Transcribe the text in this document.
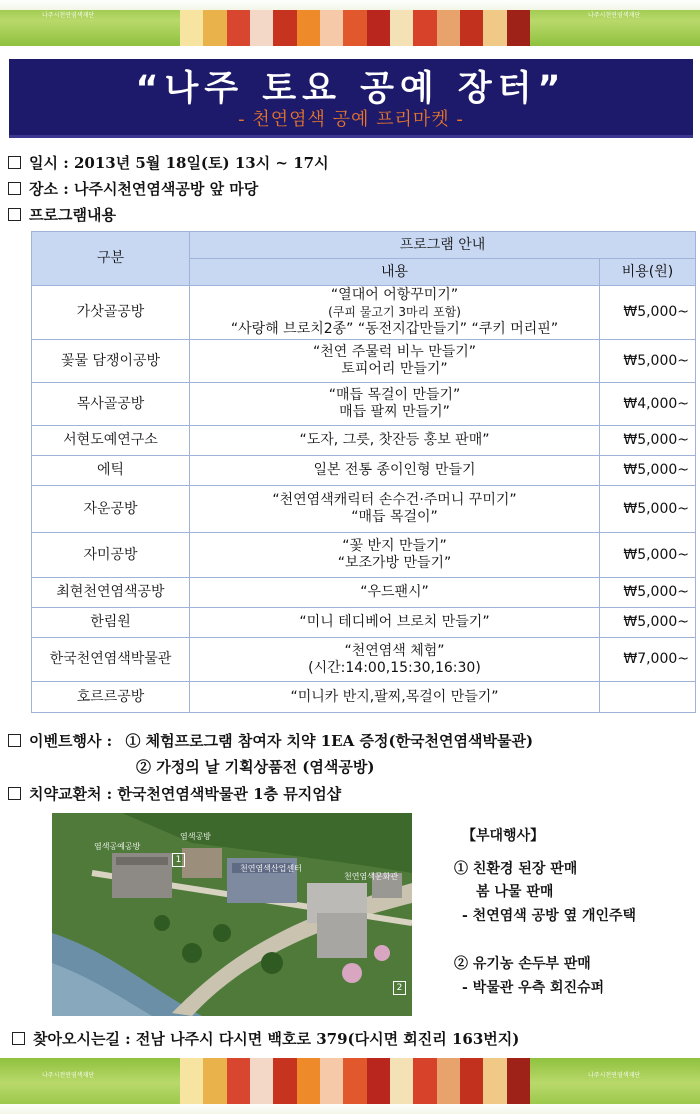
나주시천연염색재단	나주시천연염색재단
“나주 토요 공예 장터”
- 천연염색 공예 프리마켓 -
일시 : 2013년 5월 18일(토) 13시 ~ 17시
장소 : 나주시천연염색공방 앞 마당
프로그램내용
구분	프로그램 안내	
	내용	비용(원)
가삿골공방	“열대어 어항꾸미기”
(쿠피 물고기 3마리 포함)
“사랑해 브로치2종” “동전지갑만들기” “쿠키 머리핀”	₩5,000~
꽃물 담쟁이공방	“천연 주물럭 비누 만들기”
토피어리 만들기”	₩5,000~
목사골공방	“매듭 목걸이 만들기”
매듭 팔찌 만들기”	₩4,000~
서현도예연구소	“도자, 그릇, 찻잔등 홍보 판매”	₩5,000~
에틱	일본 전통 종이인형 만들기	₩5,000~
자운공방	“천연염색캐릭터 손수건·주머니 꾸미기”
“매듭 목걸이”	₩5,000~
자미공방	“꽃 반지 만들기”
“보조가방 만들기”	₩5,000~
최현천연염색공방	“우드팬시”	₩5,000~
한림원	“미니 테디베어 브로치 만들기”	₩5,000~
한국천연염색박물관	“천연염색 체험”
(시간:14:00,15:30,16:30)	₩7,000~
호르르공방	“미니카 반지,팔찌,목걸이 만들기”	

이벤트행사 : ① 체험프로그램 참여자 치약 1EA 증정(한국천연염색박물관)
② 가정의 날 기획상품전 (염색공방)
치약교환처 : 한국천연염색박물관 1층 뮤지엄샵
염색공예공방
염색공방
천연염색산업센터
천연염색문화관
1
2
【부대행사】
① 친환경 된장 판매
봄 나물 판매
- 천연염색 공방 옆 개인주택
② 유기농 손두부 판매
- 박물관 우측 회진슈퍼
찾아오시는길 : 전남 나주시 다시면 백호로 379(다시면 회진리 163번지)
나주시천연염색재단	나주시천연염색재단
